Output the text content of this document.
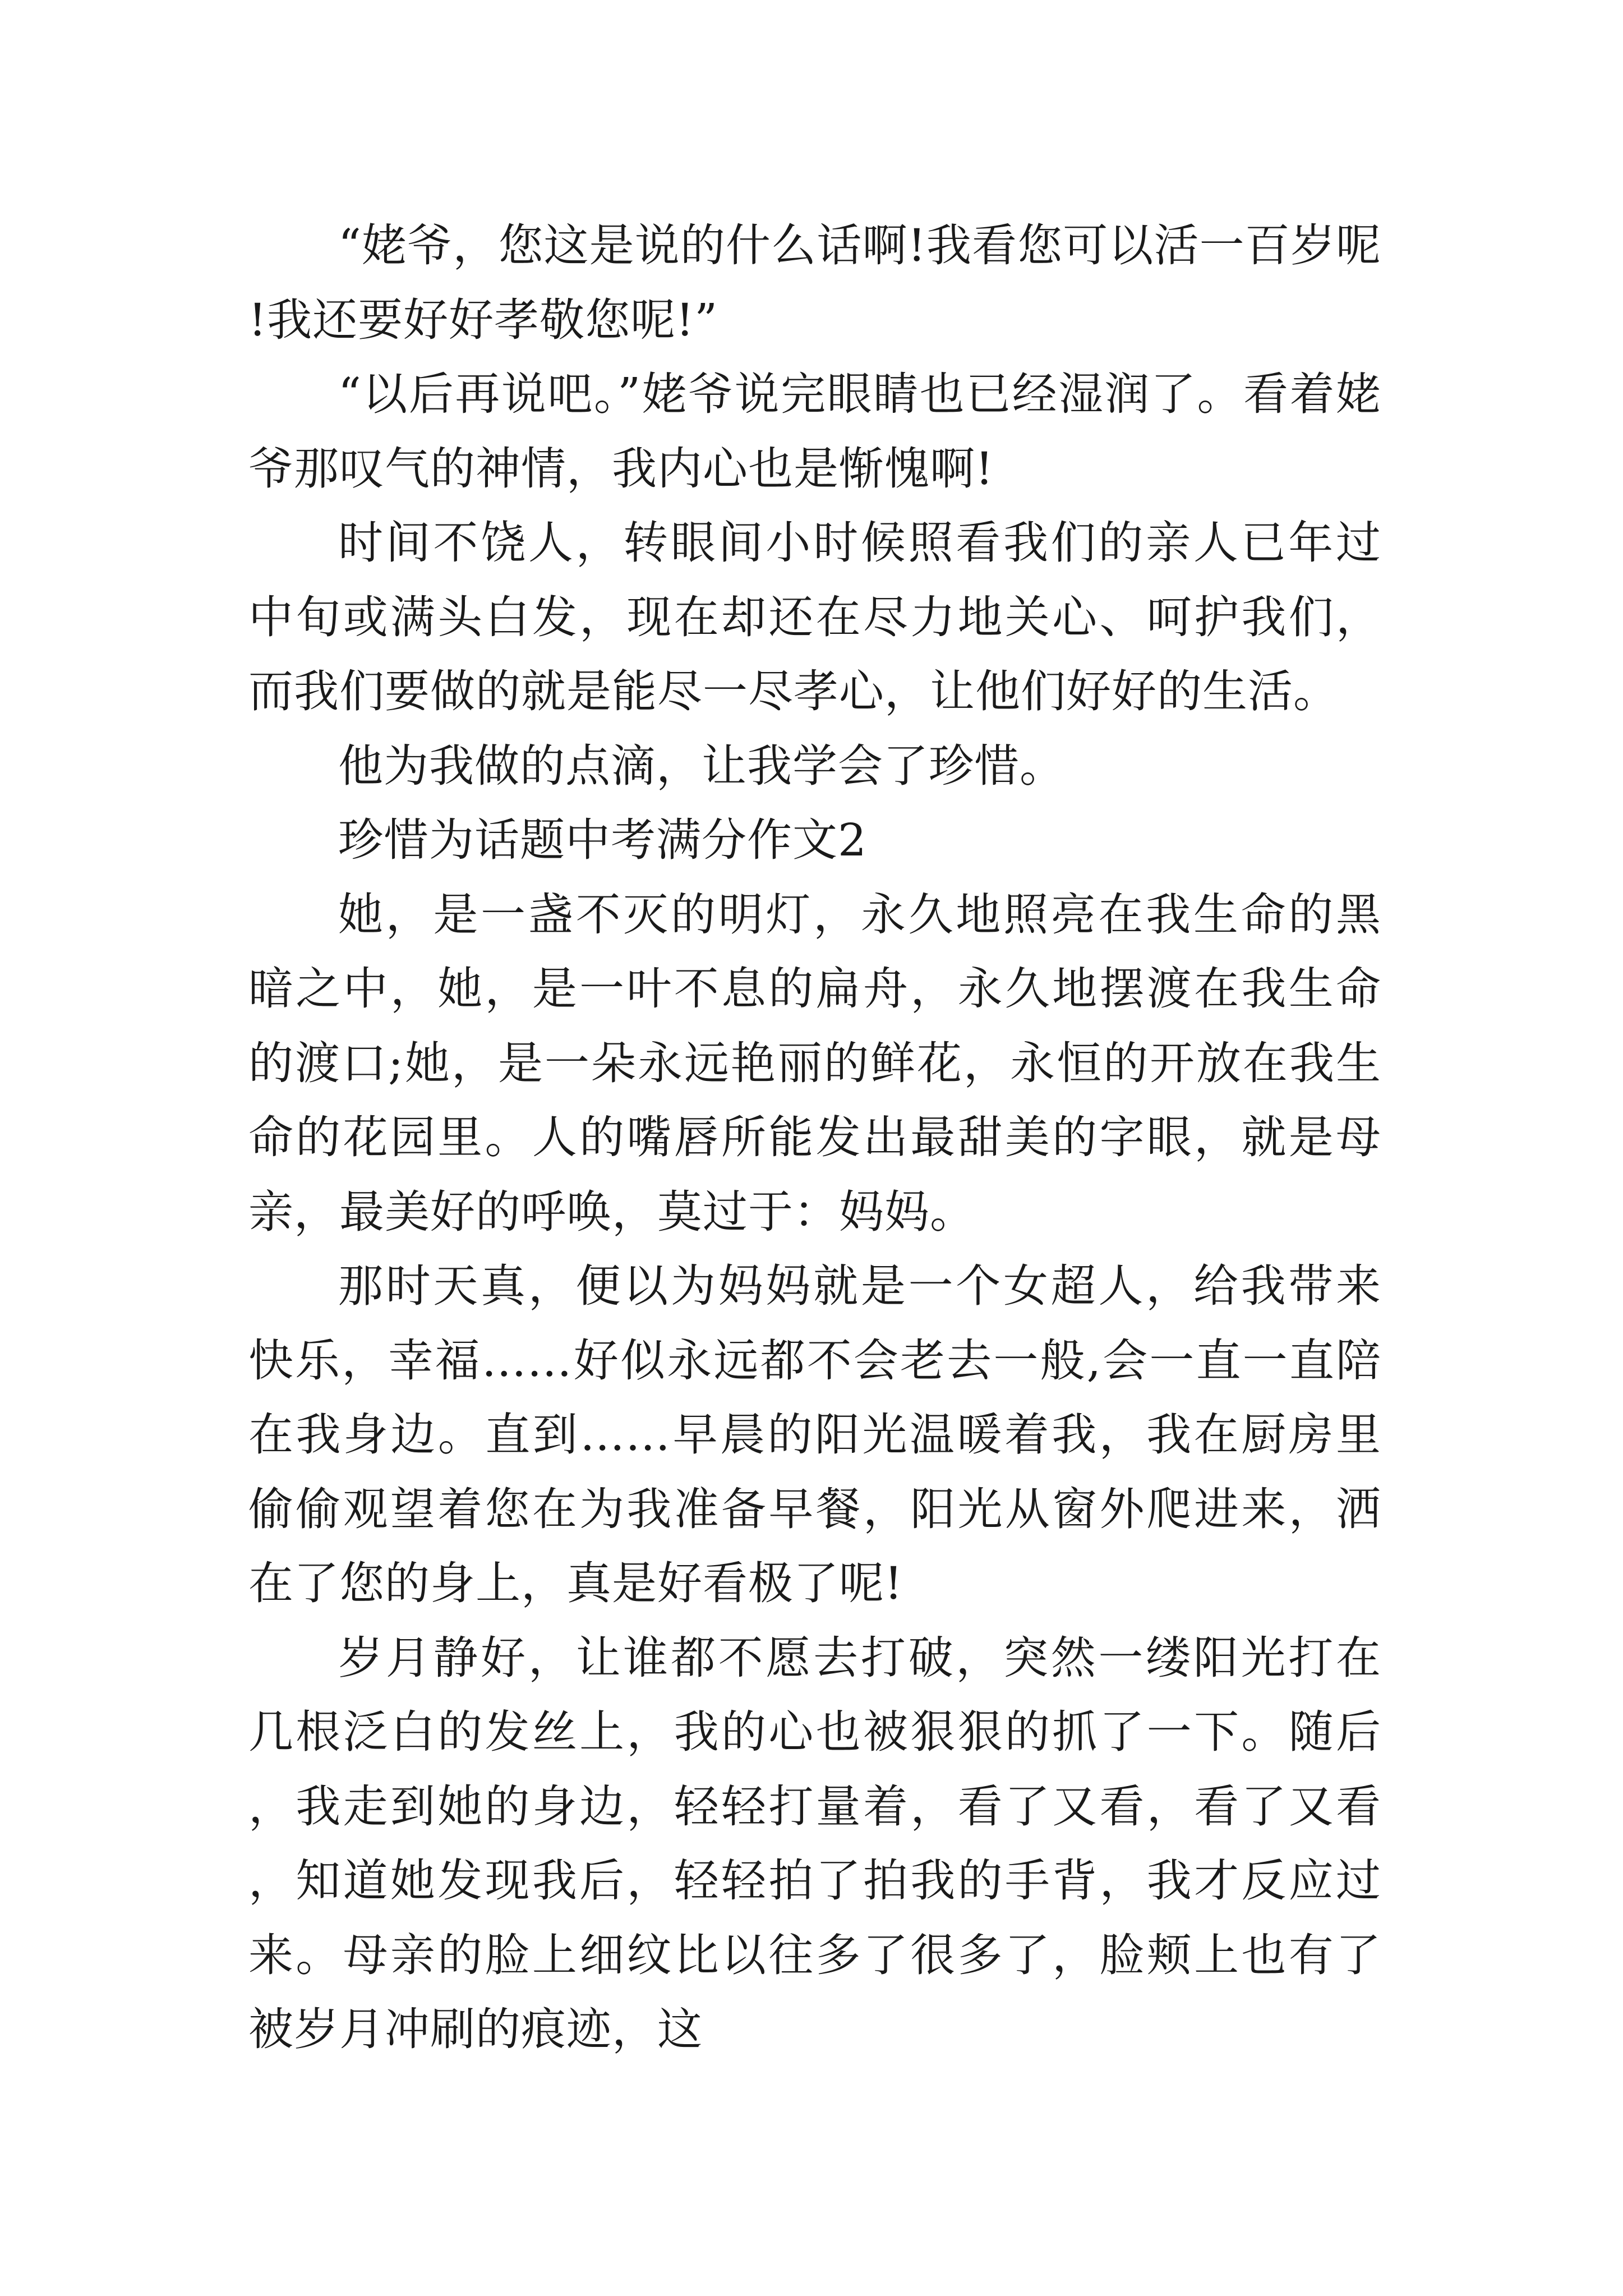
“姥爷，您这是说的什么话啊!我看您可以活一百岁呢!我还要好好孝敬您呢!”

“以后再说吧。”姥爷说完眼睛也已经湿润了。看着姥爷那叹气的神情，我内心也是惭愧啊!

时间不饶人，转眼间小时候照看我们的亲人已年过中旬或满头白发，现在却还在尽力地关心、呵护我们，而我们要做的就是能尽一尽孝心，让他们好好的生活。

他为我做的点滴，让我学会了珍惜。

珍惜为话题中考满分作文2

她，是一盏不灭的明灯，永久地照亮在我生命的黑暗之中，她，是一叶不息的扁舟，永久地摆渡在我生命的渡口;她，是一朵永远艳丽的鲜花，永恒的开放在我生命的花园里。人的嘴唇所能发出最甜美的字眼，就是母亲，最美好的呼唤，莫过于：妈妈。

那时天真，便以为妈妈就是一个女超人，给我带来快乐，幸福……好似永远都不会老去一般,会一直一直陪在我身边。直到……早晨的阳光温暖着我，我在厨房里偷偷观望着您在为我准备早餐，阳光从窗外爬进来，洒在了您的身上，真是好看极了呢!

岁月静好，让谁都不愿去打破，突然一缕阳光打在几根泛白的发丝上，我的心也被狠狠的抓了一下。随后，我走到她的身边，轻轻打量着，看了又看，看了又看，知道她发现我后，轻轻拍了拍我的手背，我才反应过来。母亲的脸上细纹比以往多了很多了，脸颊上也有了被岁月冲刷的痕迹，这
